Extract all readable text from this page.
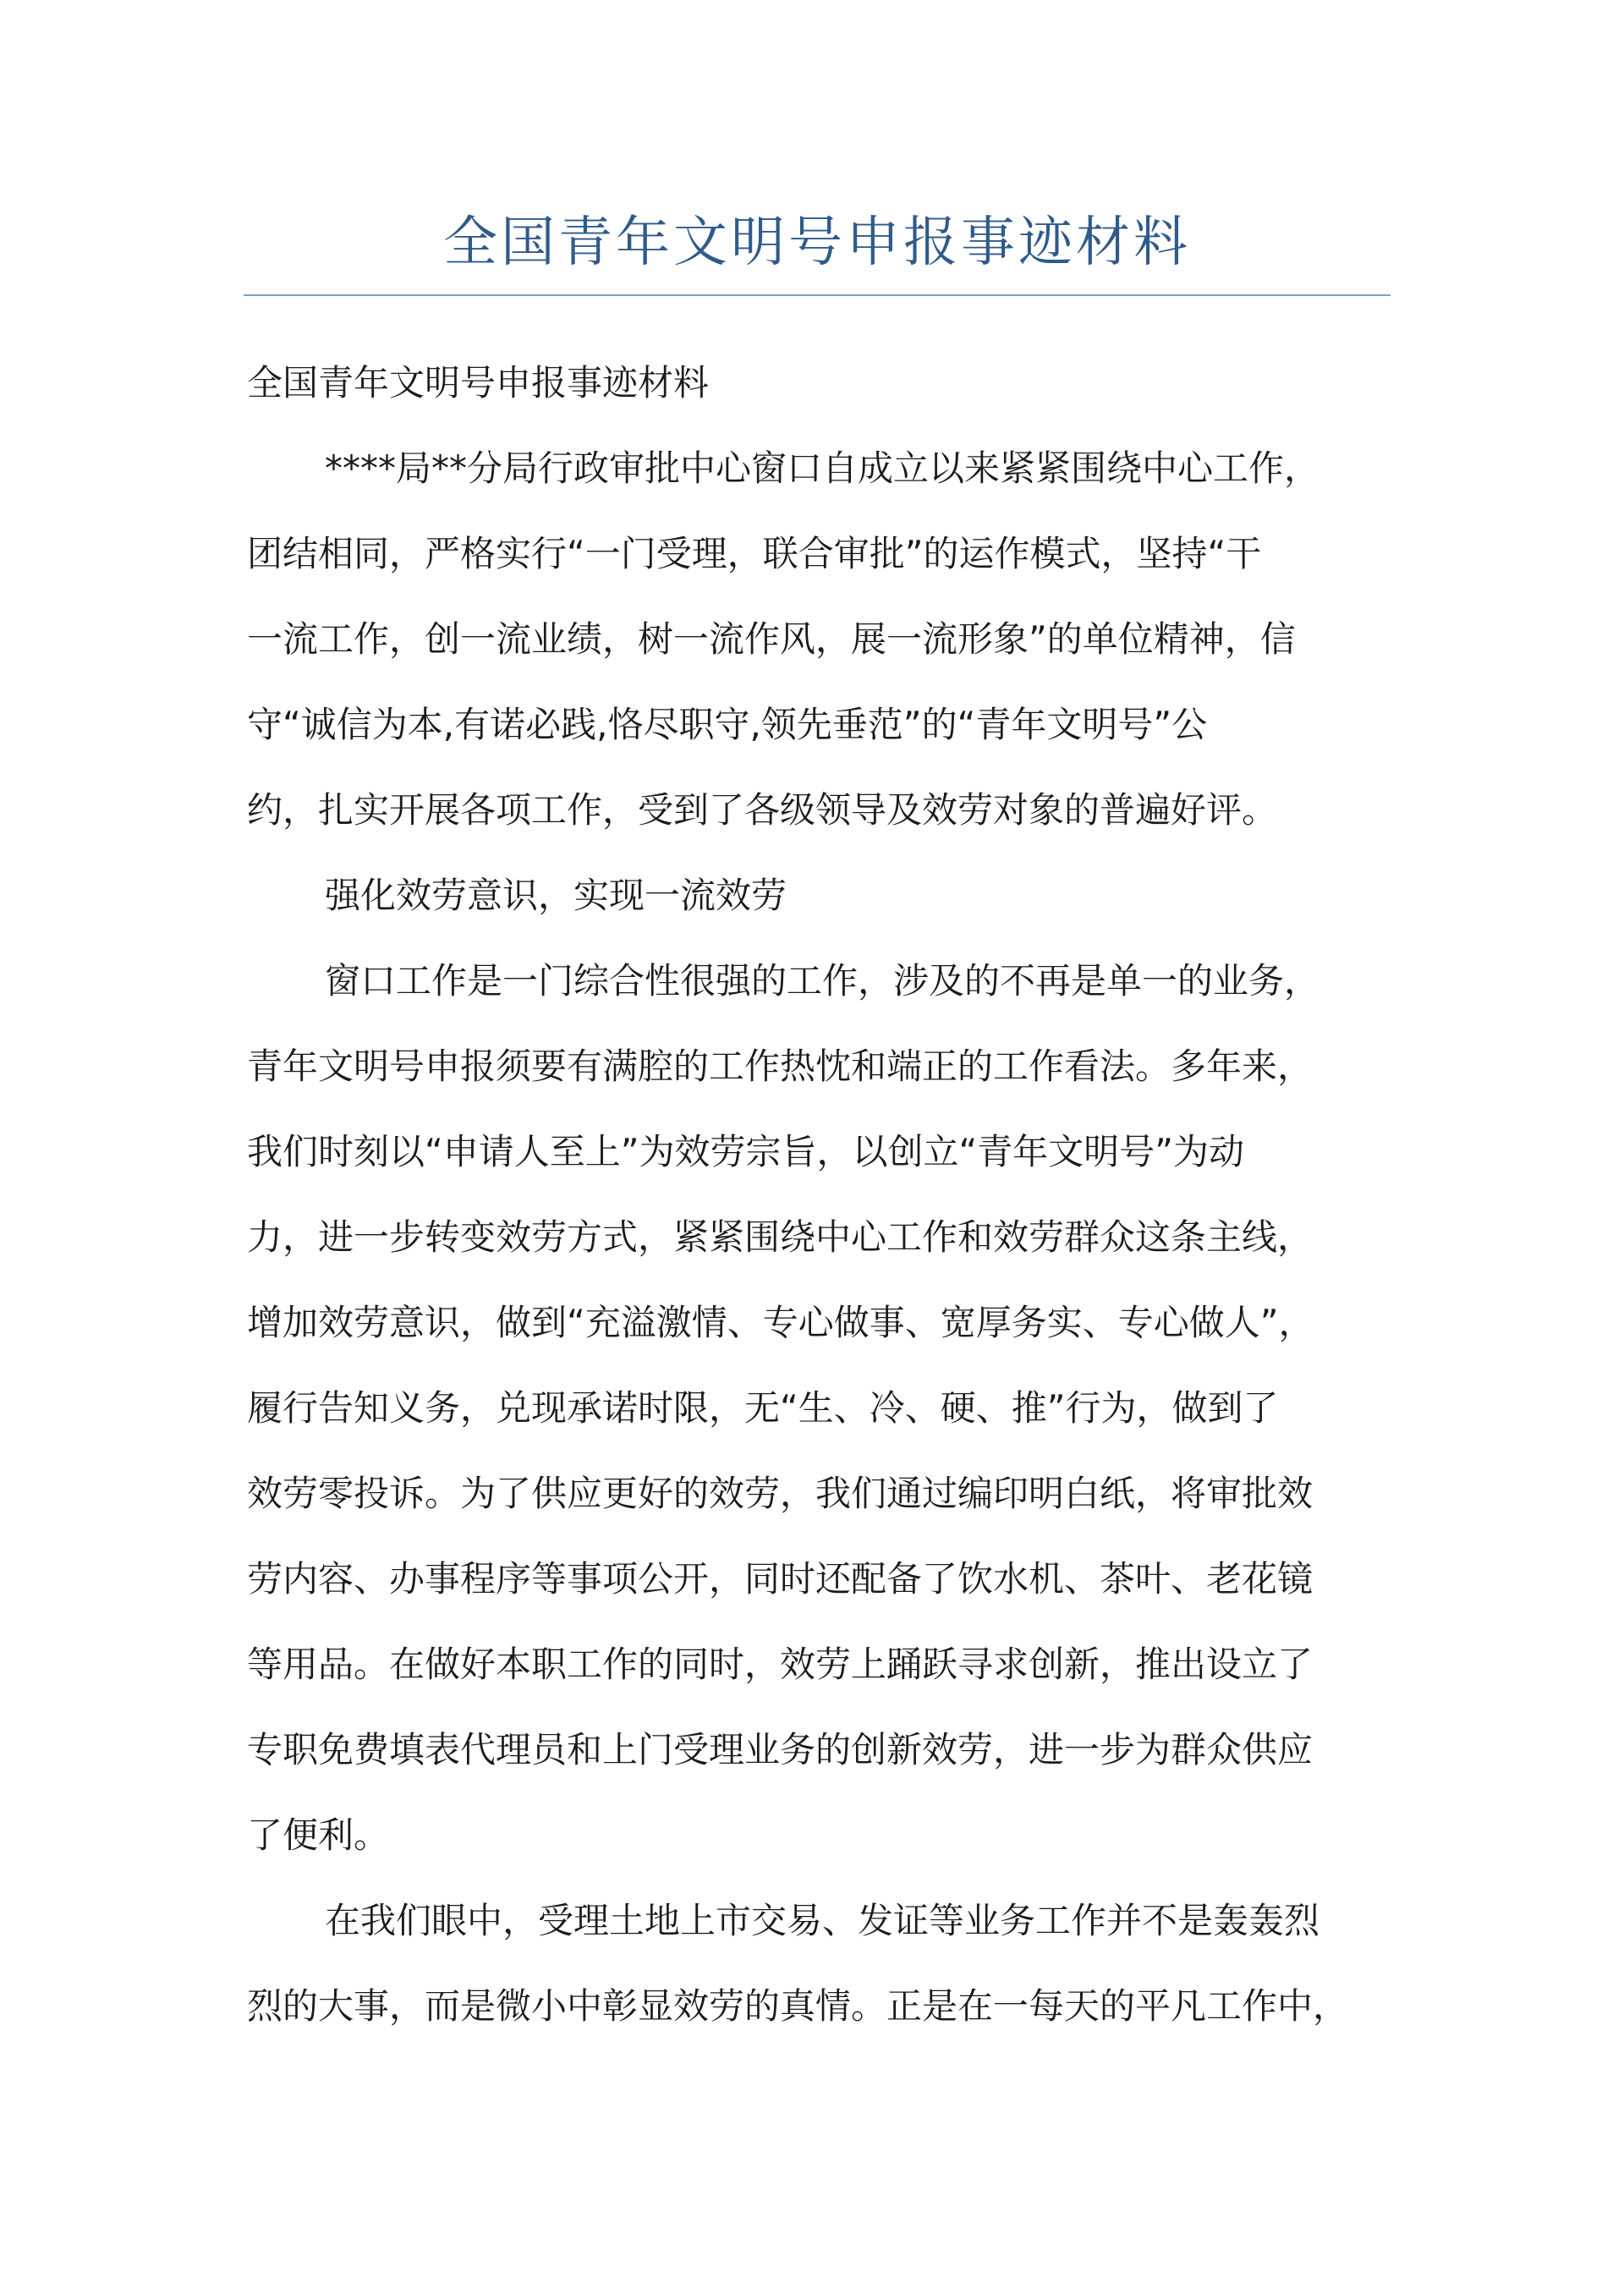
全国青年文明号申报事迹材料
全国青年文明号申报事迹材料
****局**分局行政审批中心窗口自成立以来紧紧围绕中心工作，
团结相同，严格实行“一门受理，联合审批”的运作模式，坚持“干
一流工作，创一流业绩，树一流作风，展一流形象”的单位精神，信
守“诚信为本,有诺必践,恪尽职守,领先垂范”的“青年文明号”公
约，扎实开展各项工作，受到了各级领导及效劳对象的普遍好评。
强化效劳意识，实现一流效劳
窗口工作是一门综合性很强的工作，涉及的不再是单一的业务，
青年文明号申报须要有满腔的工作热忱和端正的工作看法。多年来，
我们时刻以“申请人至上”为效劳宗旨，以创立“青年文明号”为动
力，进一步转变效劳方式，紧紧围绕中心工作和效劳群众这条主线，
增加效劳意识，做到“充溢激情、专心做事、宽厚务实、专心做人”，
履行告知义务，兑现承诺时限，无“生、冷、硬、推”行为，做到了
效劳零投诉。为了供应更好的效劳，我们通过编印明白纸，将审批效
劳内容、办事程序等事项公开，同时还配备了饮水机、茶叶、老花镜
等用品。在做好本职工作的同时，效劳上踊跃寻求创新，推出设立了
专职免费填表代理员和上门受理业务的创新效劳，进一步为群众供应
了便利。
在我们眼中，受理土地上市交易、发证等业务工作并不是轰轰烈
烈的大事，而是微小中彰显效劳的真情。正是在一每天的平凡工作中，
